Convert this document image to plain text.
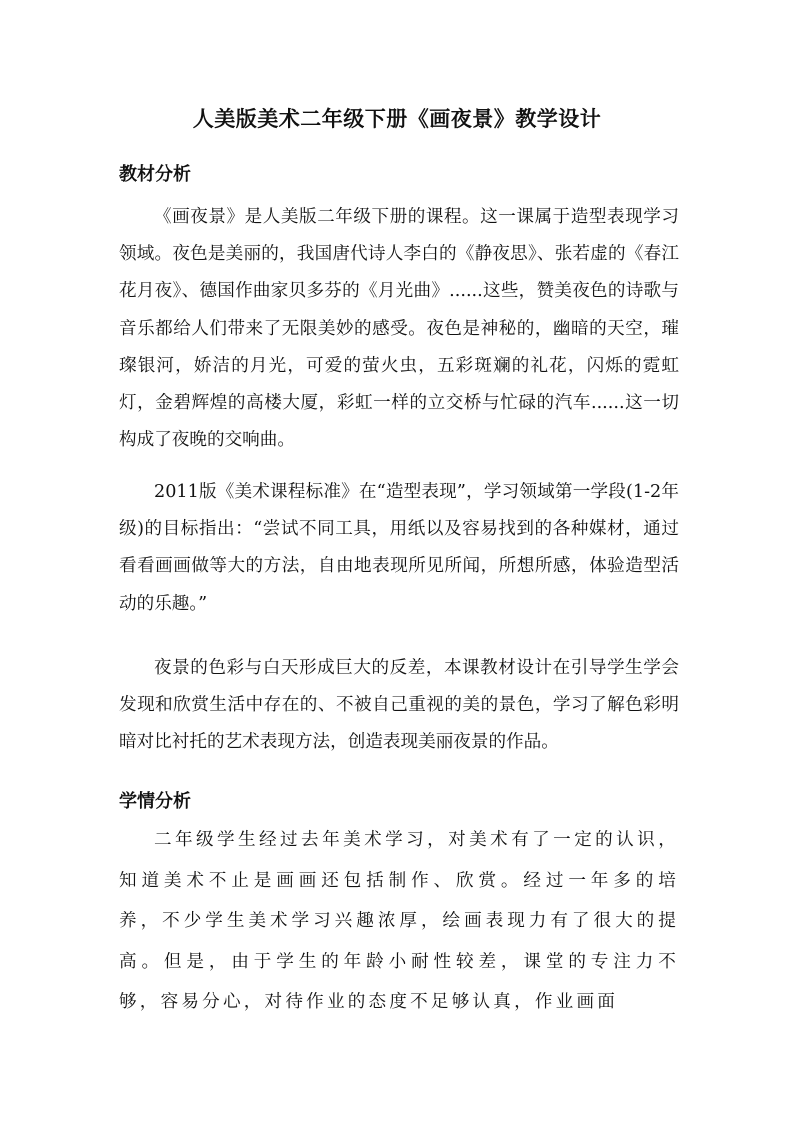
人美版美术二年级下册《画夜景》教学设计
教材分析

《画夜景》是人美版二年级下册的课程。这一课属于造型表现学习领域。夜色是美丽的，我国唐代诗人李白的《静夜思》、张若虚的《春江花月夜》、德国作曲家贝多芬的《月光曲》......这些，赞美夜色的诗歌与音乐都给人们带来了无限美妙的感受。夜色是神秘的，幽暗的天空，璀璨银河，娇洁的月光，可爱的萤火虫，五彩斑斓的礼花，闪烁的霓虹灯，金碧辉煌的高楼大厦，彩虹一样的立交桥与忙碌的汽车......这一切构成了夜晚的交响曲。

2011版《美术课程标准》在“造型表现”，学习领域第一学段(1-2年级)的目标指出：“尝试不同工具，用纸以及容易找到的各种媒材，通过看看画画做等大的方法，自由地表现所见所闻，所想所感，体验造型活动的乐趣。”

夜景的色彩与白天形成巨大的反差，本课教材设计在引导学生学会发现和欣赏生活中存在的、不被自己重视的美的景色，学习了解色彩明暗对比衬托的艺术表现方法，创造表现美丽夜景的作品。

学情分析

二年级学生经过去年美术学习，对美术有了一定的认识，知道美术不止是画画还包括制作、欣赏。经过一年多的培养，不少学生美术学习兴趣浓厚，绘画表现力有了很大的提高。但是，由于学生的年龄小耐性较差，课堂的专注力不够，容易分心，对待作业的态度不足够认真，作业画面
